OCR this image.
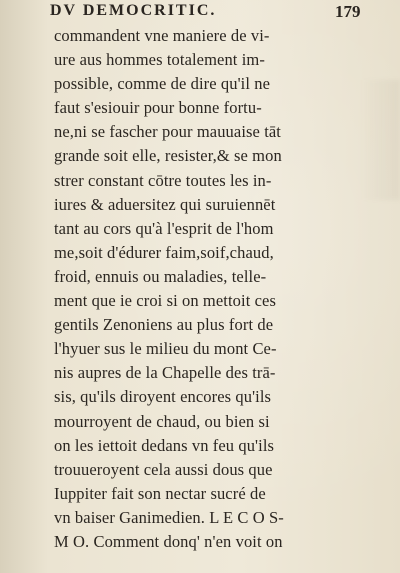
DV DEMOCRITIC.	179
commandent vne maniere de vi-
ure aus hommes totalement im-
possible, comme de dire qu'il ne
faut s'esiouir pour bonne fortu-
ne,ni se fascher pour mauuaise tāt
grande soit elle, resister,& se mon
strer constant cōtre toutes les in-
iures & aduersitez qui suruiennēt
tant au cors qu'à l'esprit de l'hom
me,soit d'édurer faim,soif,chaud,
froid, ennuis ou maladies, telle-
ment que ie croi si on mettoit ces
gentils Zenoniens au plus fort de
l'hyuer sus le milieu du mont Ce-
nis aupres de la Chapelle des trā-
sis, qu'ils diroyent encores qu'ils
mourroyent de chaud, ou bien si
on les iettoit dedans vn feu qu'ils
trouueroyent cela aussi dous que
Iuppiter fait son nectar sucré de
vn baiser Ganimedien. L E C O S-
M O. Comment donq' n'en voit on
